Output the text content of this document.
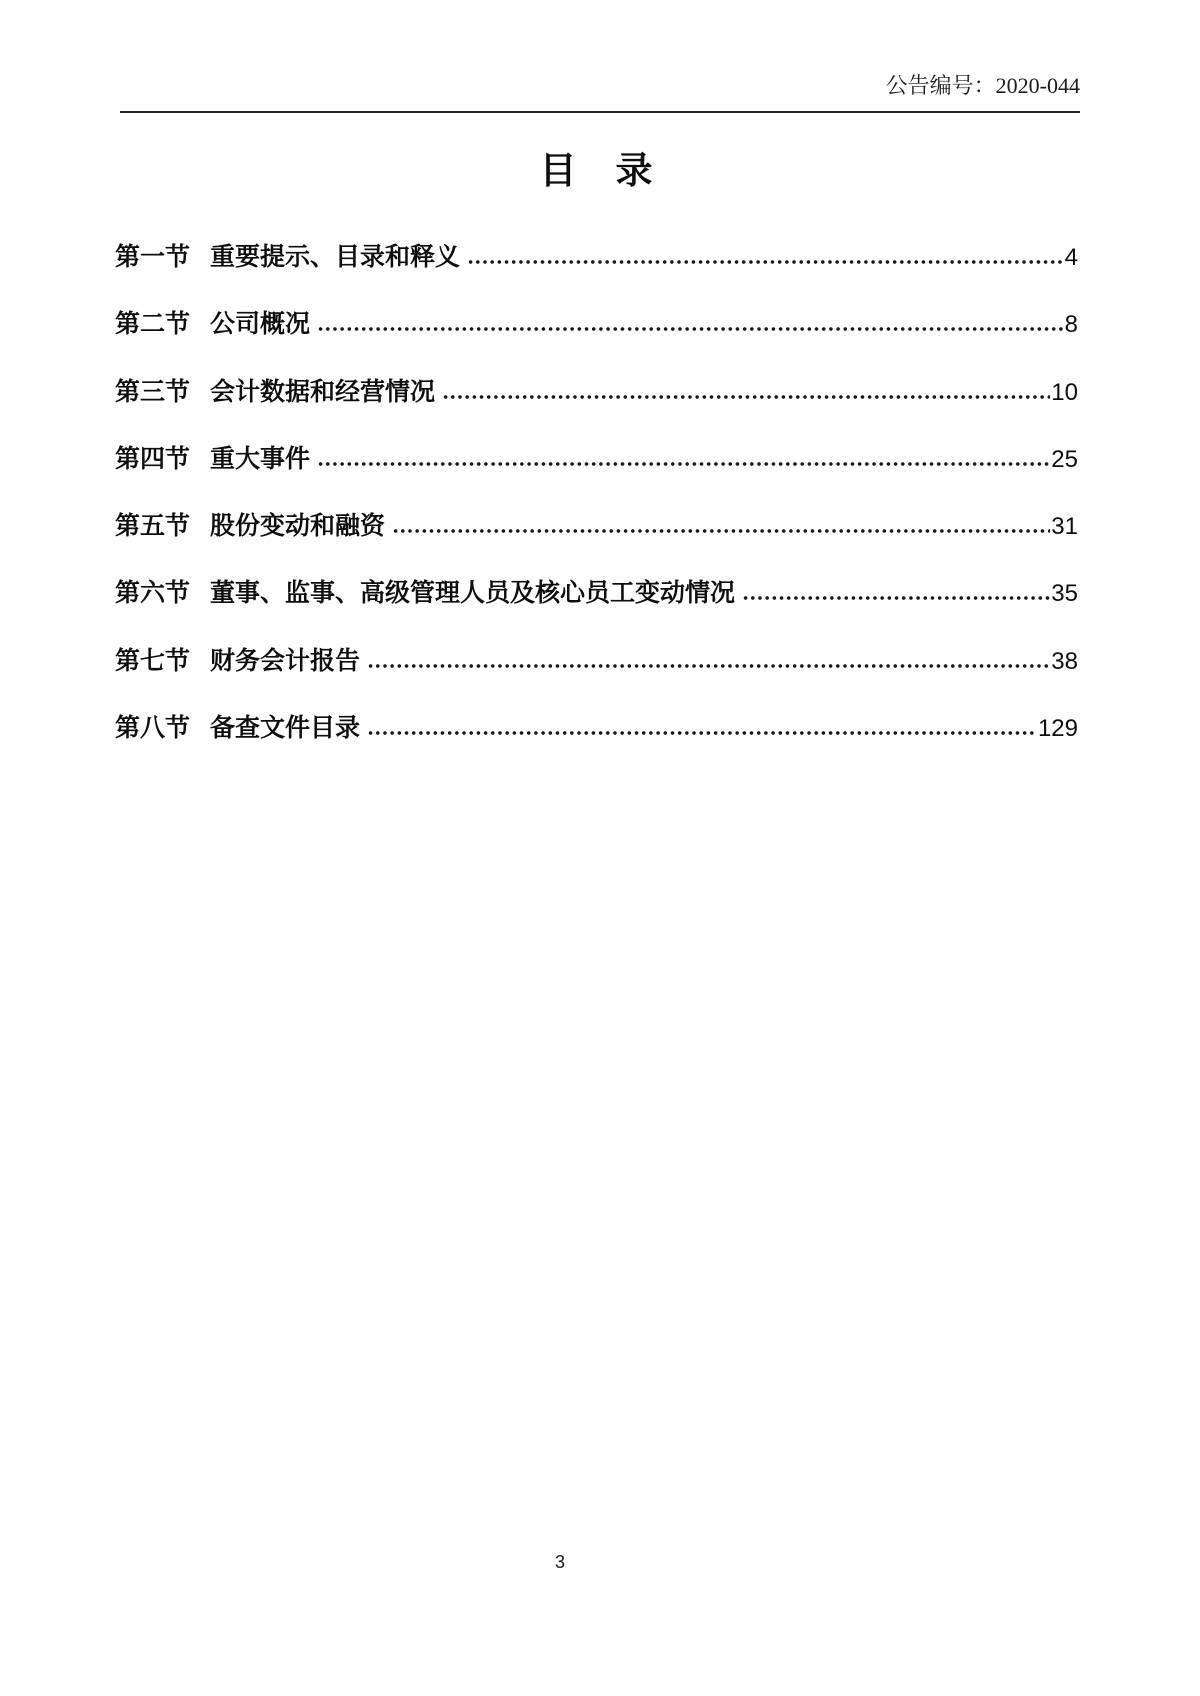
公告编号：2020-044
目　录
第一节 重要提示、目录和释义	4
第二节 公司概况	8
第三节 会计数据和经营情况	10
第四节 重大事件	25
第五节 股份变动和融资	31
第六节 董事、监事、高级管理人员及核心员工变动情况	35
第七节 财务会计报告	38
第八节 备查文件目录	129
3
